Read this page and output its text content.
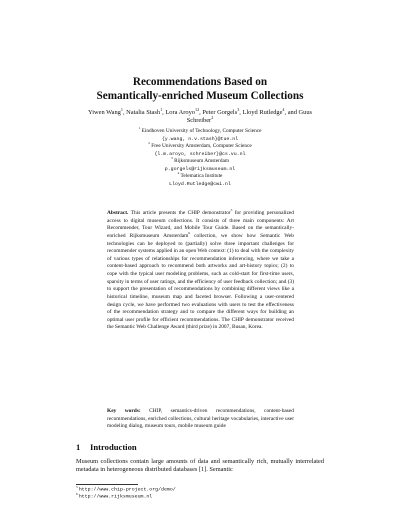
Recommendations Based on
Semantically-enriched Museum Collections
Yiwen Wang$^1$, Natalia Stash$^1$, Lora Aroyo$^{12}$, Peter Gorgels$^3$, Lloyd Rutledge$^4$, and Guus Schreiber$^2$
$^1$ Eindhoven University of Technology, Computer Science
{y.wang, n.v.stash}@tue.nl
$^2$ Free University Amsterdam, Computer Science
{l.m.aroyo, schreiber}@cs.vu.nl
$^3$ Rijksmuseum Amsterdam
p.gorgels@rijksmuseum.nl
$^4$ Telematica Institute
Lloyd.Rutledge@cwi.nl
Abstract. This article presents the CHIP demonstrator$^5$ for providing personalized access to digital museum collections. It consists of three main components: Art Recommender, Tour Wizard, and Mobile Tour Guide. Based on the semantically-enriched Rijksmuseum Amsterdam$^6$ collection, we show how Semantic Web technologies can be deployed to (partially) solve three important challenges for recommender systems applied in an open Web context: (1) to deal with the complexity of various types of relationships for recommendation inferencing, where we take a content-based approach to recommend both artworks and art-history topics; (2) to cope with the typical user modeling problems, such as cold-start for first-time users, sparsity in terms of user ratings, and the efficiency of user feedback collection; and (3) to support the presentation of recommendations by combining different views like a historical timeline, museum map and faceted browser. Following a user-centered design cycle, we have performed two evaluations with users to test the effectiveness of the recommendation strategy and to compare the different ways for building an optimal user profile for efficient recommendations. The CHIP demonstrator received the Semantic Web Challenge Award (third prize) in 2007, Busan, Korea.
Key words: CHIP, semantics-driven recommendations, content-based recommendations, enriched collections, cultural heritage vocabularies, interactive user modeling dialog, museum tours, mobile museum guide
1 Introduction
Museum collections contain large amounts of data and semantically rich, mutually interrelated metadata in heterogeneous distributed databases [1]. Semantic
$^5$ http://www.chip-project.org/demo/
$^6$ http://www.rijksmuseum.nl
